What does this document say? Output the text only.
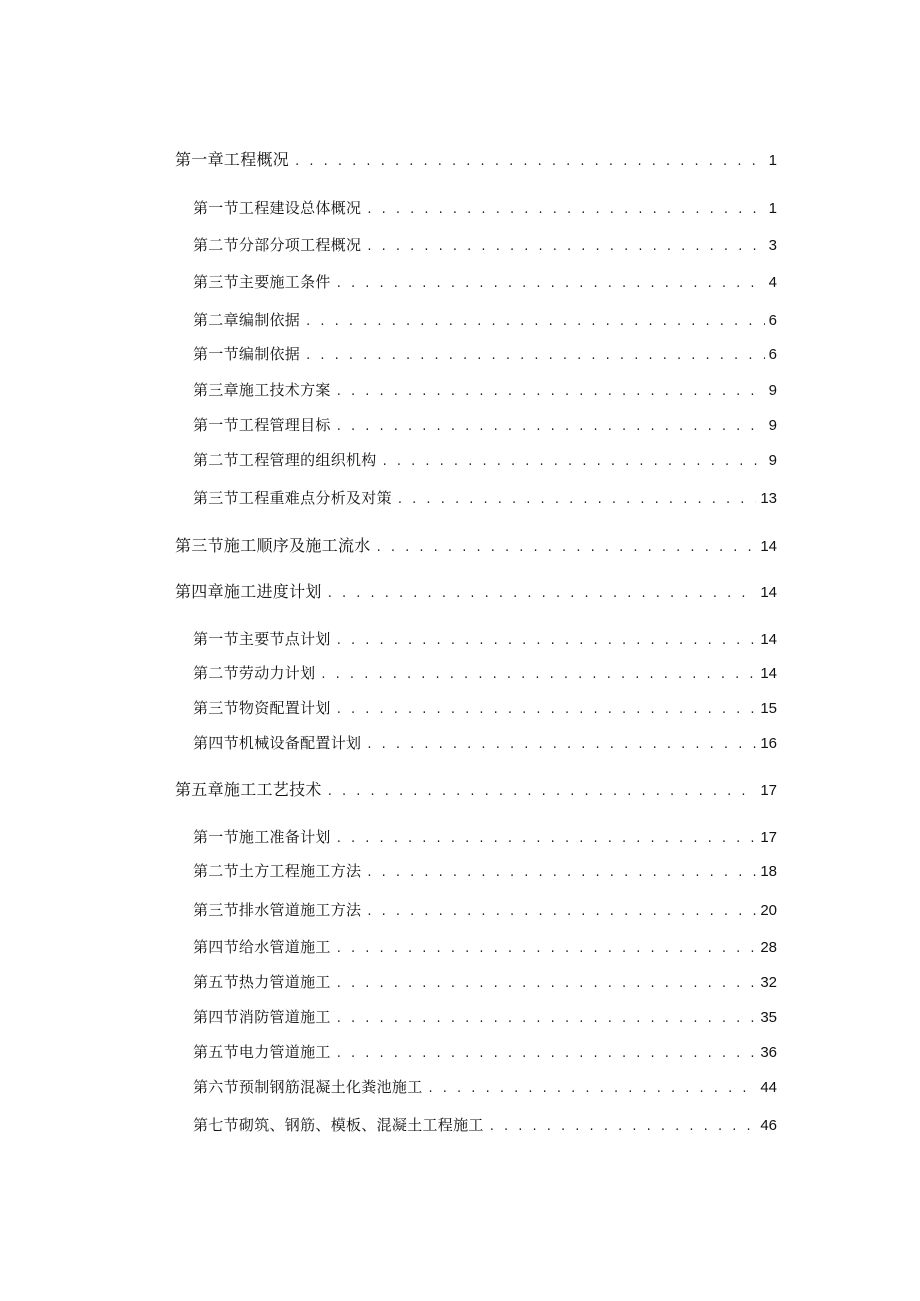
第一章工程概况 . . .	1
第一节工程建设总体概况 . . .	1
第二节分部分项工程概况 . . .	3
第三节主要施工条件 . . .	4
第二章编制依据 . . .	6
第一节编制依据 . . .	6
第三章施工技术方案 . . .	9
第一节工程管理目标 . . .	9
第二节工程管理的组织机构 . . .	9
第三节工程重难点分析及对策 . . .	13
第三节施工顺序及施工流水 . . .	14
第四章施工进度计划 . . .	14
第一节主要节点计划 . . .	14
第二节劳动力计划 . . .	14
第三节物资配置计划 . . .	15
第四节机械设备配置计划 . . .	16
第五章施工工艺技术 . . .	17
第一节施工准备计划 . . .	17
第二节土方工程施工方法 . . .	18
第三节排水管道施工方法 . . .	20
第四节给水管道施工 . . .	28
第五节热力管道施工 . . .	32
第四节消防管道施工 . . .	35
第五节电力管道施工 . . .	36
第六节预制钢筋混凝土化粪池施工 . . .	44
第七节砌筑、钢筋、模板、混凝土工程施工 . . .	46
